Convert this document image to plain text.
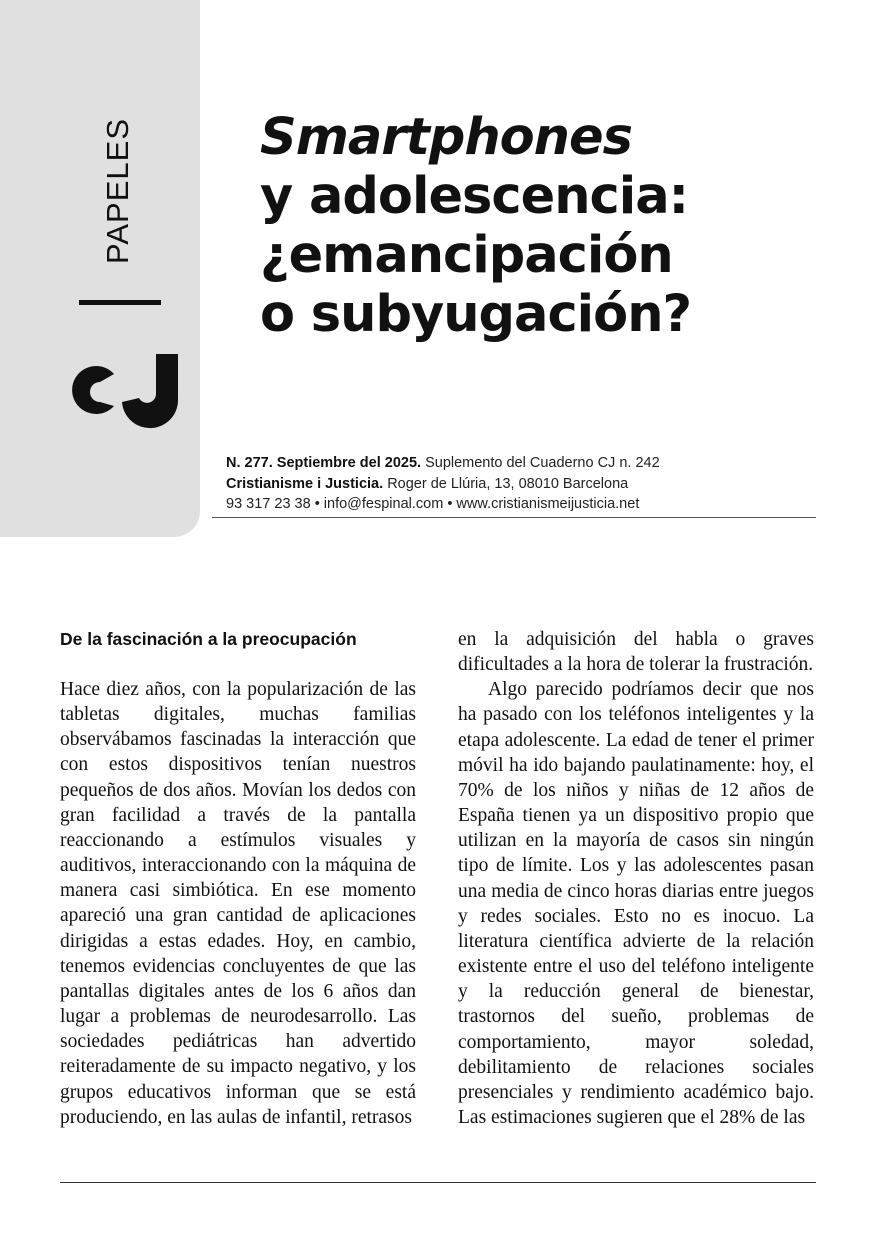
PAPELES Smartphones
y adolescencia:
¿emancipación
o subyugación?
N. 277. Septiembre del 2025. Suplemento del Cuaderno CJ n. 242
Cristianisme i Justicia. Roger de Llúria, 13, 08010 Barcelona
93 317 23 38 • info@fespinal.com • www.cristianismeijusticia.net
De la fascinación a la preocupación

Hace diez años, con la popularización de las tabletas digitales, muchas familias observábamos fascinadas la interacción que con estos dispositivos tenían nuestros pequeños de dos años. Movían los dedos con gran facilidad a través de la pantalla reaccionando a estímulos visuales y auditivos, interaccionando con la máquina de manera casi simbiótica. En ese momento apareció una gran cantidad de aplicaciones dirigidas a estas edades. Hoy, en cambio, tenemos evidencias concluyentes de que las pantallas digitales antes de los 6 años dan lugar a problemas de neurodesarrollo. Las sociedades pediátricas han advertido reiteradamente de su impacto negativo, y los grupos educativos informan que se está produciendo, en las aulas de infantil, retrasos

en la adquisición del habla o graves dificultades a la hora de tolerar la frustración.

Algo parecido podríamos decir que nos ha pasado con los teléfonos inteligentes y la etapa adolescente. La edad de tener el primer móvil ha ido bajando paulatinamente: hoy, el 70% de los niños y niñas de 12 años de España tienen ya un dispositivo propio que utilizan en la mayoría de casos sin ningún tipo de límite. Los y las adolescentes pasan una media de cinco horas diarias entre juegos y redes sociales. Esto no es inocuo. La literatura científica advierte de la relación existente entre el uso del teléfono inteligente y la reducción general de bienestar, trastornos del sueño, problemas de comportamiento, mayor soledad, debilitamiento de relaciones sociales presenciales y rendimiento académico bajo. Las estimaciones sugieren que el 28% de las
